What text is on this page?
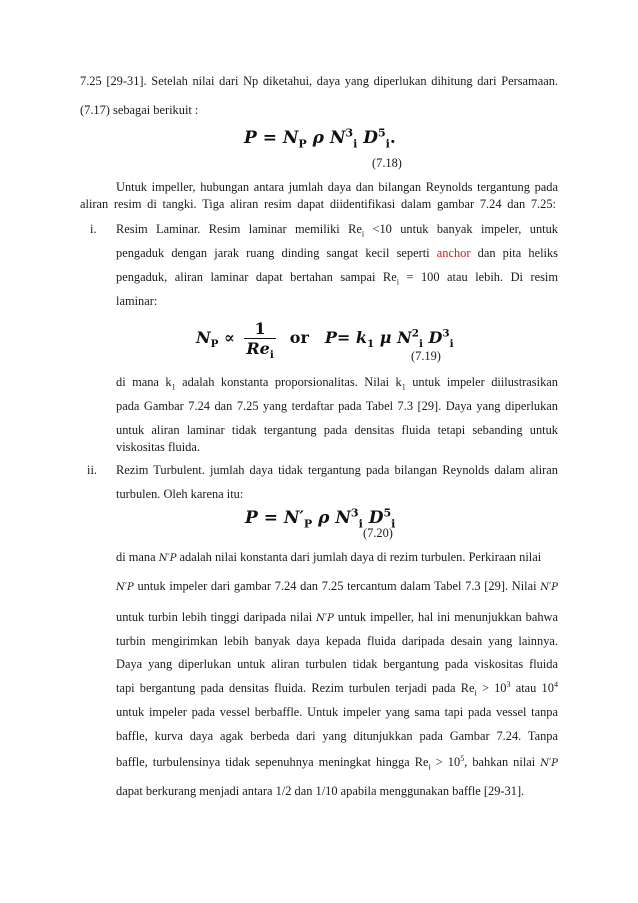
7.25 [29-31]. Setelah nilai dari Np diketahui, daya yang diperlukan dihitung dari Persamaan.
(7.17) sebagai berikuit :
$P = N_P$ ρ $N^3_i$ $D^5_i$.
(7.18)
Untuk impeller, hubungan antara jumlah daya dan bilangan Reynolds tergantung pada
aliran resim di tangki. Tiga aliran resim dapat diidentifikasi dalam gambar 7.24 dan 7.25:
i. Resim Laminar. Resim laminar memiliki $Re_i <10$ untuk banyak impeler, untuk
pengaduk dengan jarak ruang dinding sangat kecil seperti anchor dan pita heliks
pengaduk, aliran laminar dapat bertahan sampai $Re_i = 100$ atau lebih. Di resim
laminar:
$N_P \propto \frac{1}{Re_i}$ or $P= k_1$ μ $N^2_i$ $D^3_i$
(7.19)
di mana $k_1$ adalah konstanta proporsionalitas. Nilai $k_1$ untuk impeler diilustrasikan
pada Gambar 7.24 dan 7.25 yang terdaftar pada Tabel 7.3 [29]. Daya yang diperlukan
untuk aliran laminar tidak tergantung pada densitas fluida tetapi sebanding untuk
viskositas fluida.
ii. Rezim Turbulent. jumlah daya tidak tergantung pada bilangan Reynolds dalam aliran
turbulen. Oleh karena itu:
$P = N'_P$ ρ $N^3_i$ $D^5_i$
(7.20)
di mana N′P adalah nilai konstanta dari jumlah daya di rezim turbulen. Perkiraan nilai
N′P untuk impeler dari gambar 7.24 dan 7.25 tercantum dalam Tabel 7.3 [29]. Nilai N′P
untuk turbin lebih tinggi daripada nilai N′P untuk impeller, hal ini menunjukkan bahwa
turbin mengirimkan lebih banyak daya kepada fluida daripada desain yang lainnya.
Daya yang diperlukan untuk aliran turbulen tidak bergantung pada viskositas fluida
tapi bergantung pada densitas fluida. Rezim turbulen terjadi pada $Re_i > 10^3$ atau $10^4$
untuk impeler pada vessel berbaffle. Untuk impeler yang sama tapi pada vessel tanpa
baffle, kurva daya agak berbeda dari yang ditunjukkan pada Gambar 7.24. Tanpa
baffle, turbulensinya tidak sepenuhnya meningkat hingga $Re_i > 10^5$, bahkan nilai N′P
dapat berkurang menjadi antara 1/2 dan 1/10 apabila menggunakan baffle [29-31].
